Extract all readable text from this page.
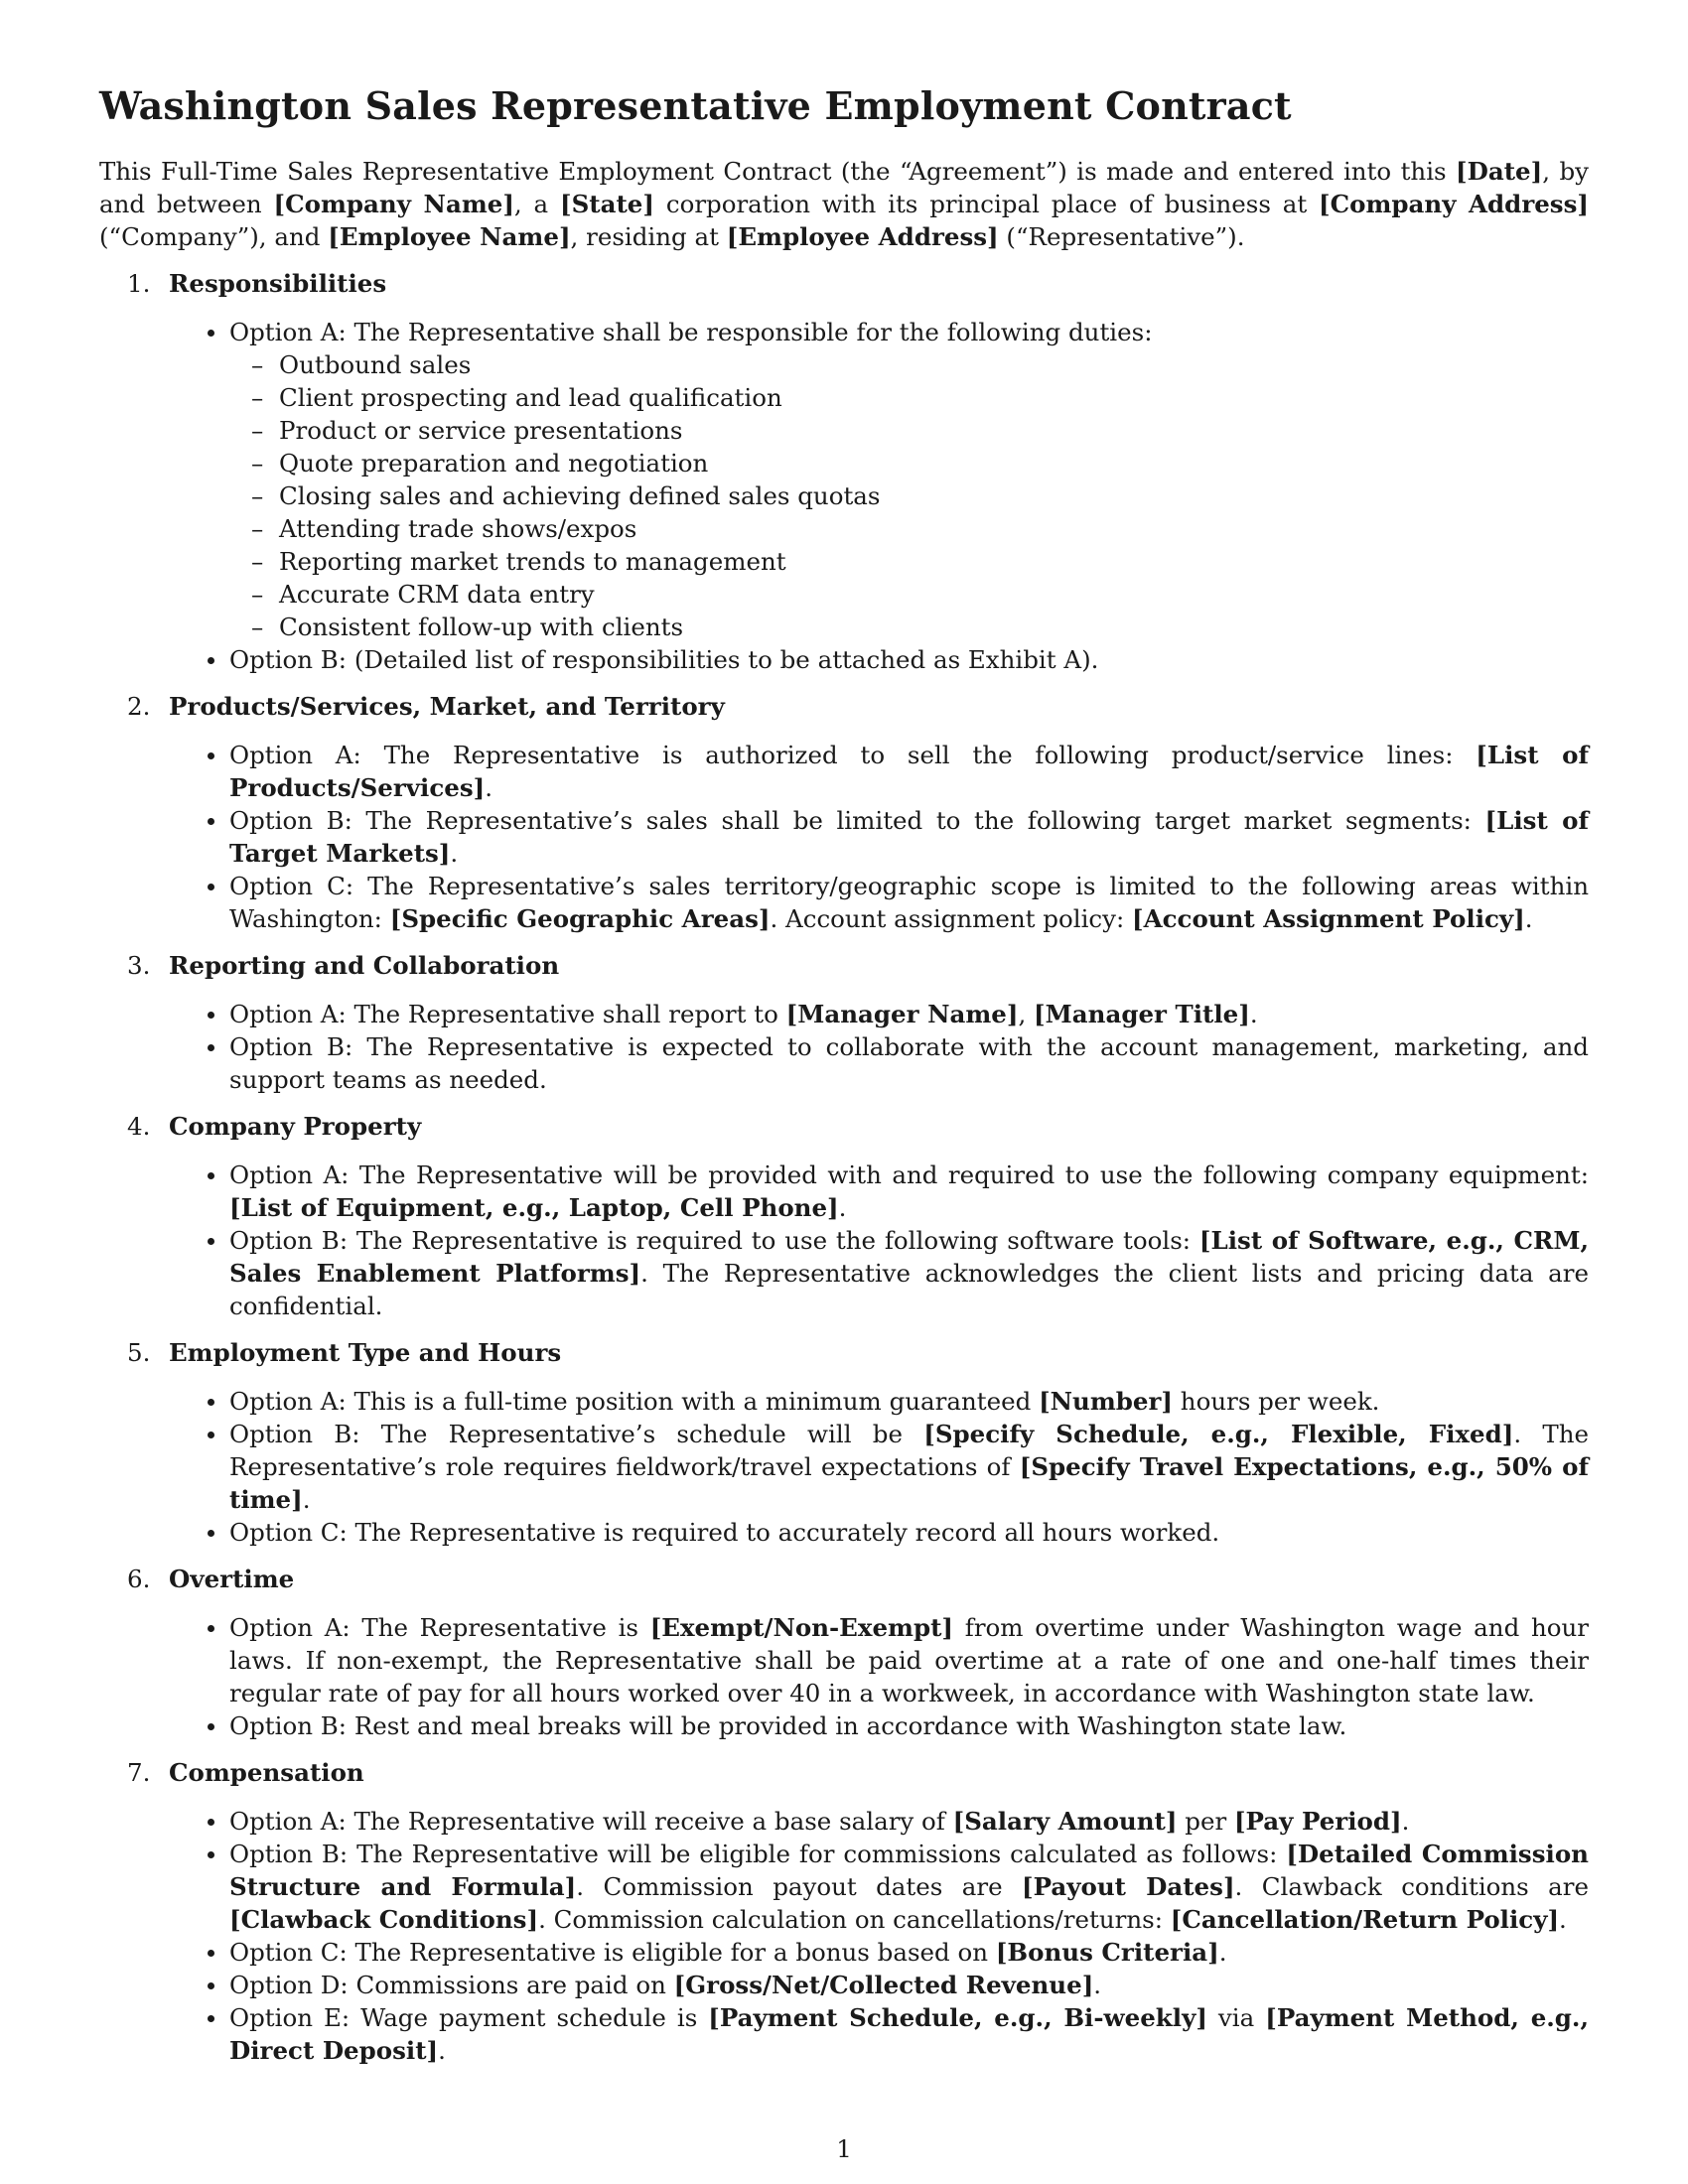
Washington Sales Representative Employment Contract

This Full-Time Sales Representative Employment Contract (the “Agreement”) is made and entered into this [Date], by and between [Company Name], a [State] corporation with its principal place of business at [Company Address] (“Company”), and [Employee Name], residing at [Employee Address] (“Representative”).

1. Responsibilities
Option A: The Representative shall be responsible for the following duties:
– Outbound sales
– Client prospecting and lead qualification
– Product or service presentations
– Quote preparation and negotiation
– Closing sales and achieving defined sales quotas
– Attending trade shows/expos
– Reporting market trends to management
– Accurate CRM data entry
– Consistent follow-up with clients
Option B: (Detailed list of responsibilities to be attached as Exhibit A).
2. Products/Services, Market, and Territory
Option A: The Representative is authorized to sell the following product/service lines: [List of Products/Services].
Option B: The Representative’s sales shall be limited to the following target market segments: [List of Target Markets].
Option C: The Representative’s sales territory/geographic scope is limited to the following areas within Washington: [Specific Geographic Areas]. Account assignment policy: [Account Assignment Policy].
3. Reporting and Collaboration
Option A: The Representative shall report to [Manager Name], [Manager Title].
Option B: The Representative is expected to collaborate with the account management, marketing, and support teams as needed.
4. Company Property
Option A: The Representative will be provided with and required to use the following company equipment: [List of Equipment, e.g., Laptop, Cell Phone].
Option B: The Representative is required to use the following software tools: [List of Software, e.g., CRM, Sales Enablement Platforms]. The Representative acknowledges the client lists and pricing data are confidential.
5. Employment Type and Hours
Option A: This is a full-time position with a minimum guaranteed [Number] hours per week.
Option B: The Representative’s schedule will be [Specify Schedule, e.g., Flexible, Fixed]. The Representative’s role requires fieldwork/travel expectations of [Specify Travel Expectations, e.g., 50% of time].
Option C: The Representative is required to accurately record all hours worked.
6. Overtime
Option A: The Representative is [Exempt/Non-Exempt] from overtime under Washington wage and hour laws. If non-exempt, the Representative shall be paid overtime at a rate of one and one-half times their regular rate of pay for all hours worked over 40 in a workweek, in accordance with Washington state law.
Option B: Rest and meal breaks will be provided in accordance with Washington state law.
7. Compensation
Option A: The Representative will receive a base salary of [Salary Amount] per [Pay Period].
Option B: The Representative will be eligible for commissions calculated as follows: [Detailed Commission Structure and Formula]. Commission payout dates are [Payout Dates]. Clawback conditions are [Clawback Conditions]. Commission calculation on cancellations/returns: [Cancellation/Return Policy].
Option C: The Representative is eligible for a bonus based on [Bonus Criteria].
Option D: Commissions are paid on [Gross/Net/Collected Revenue].
Option E: Wage payment schedule is [Payment Schedule, e.g., Bi-weekly] via [Payment Method, e.g., Direct Deposit].
1
